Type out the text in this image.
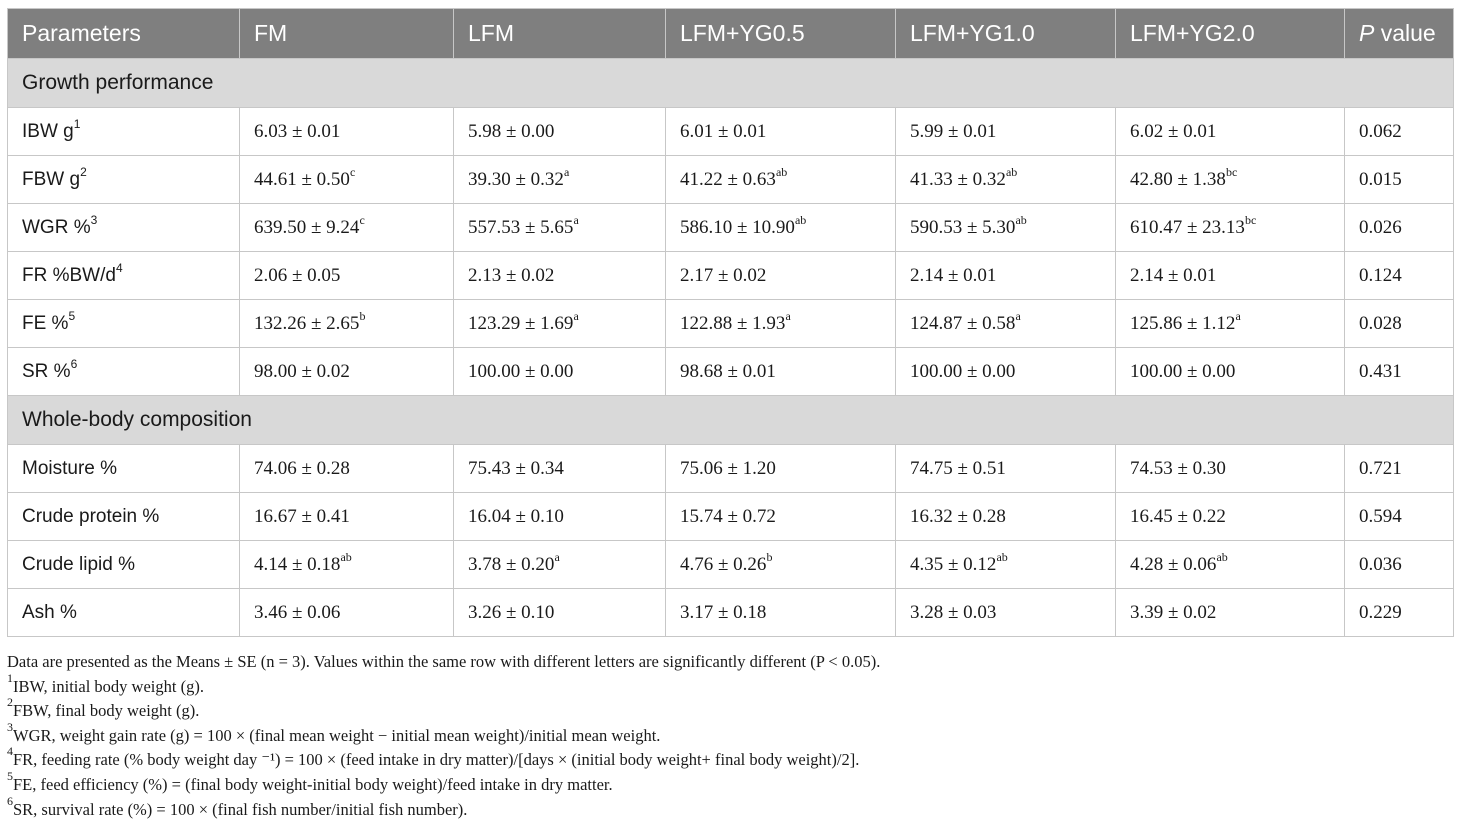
Parameters	FM	LFM	LFM+YG0.5	LFM+YG1.0	LFM+YG2.0	P value
Growth performance						
IBW $g^1$	6.03 ± 0.01	5.98 ± 0.00	6.01 ± 0.01	5.99 ± 0.01	6.02 ± 0.01	0.062
FBW $g^2$	44.61 ± 0.50$^c$	39.30 ± 0.32$^a$	41.22 ± 0.63$^{ab}$	41.33 ± 0.32$^{ab}$	42.80 ± 1.38$^{bc}$	0.015
WGR %$^3$	639.50 ± 9.24$^c$	557.53 ± 5.65$^a$	586.10 ± 10.90$^{ab}$	590.53 ± 5.30$^{ab}$	610.47 ± 23.13$^{bc}$	0.026
FR $\%BW/d^4$	2.06 ± 0.05	2.13 ± 0.02	2.17 ± 0.02	2.14 ± 0.01	2.14 ± 0.01	0.124
FE %$^5$	132.26 ± 2.65$^b$	123.29 ± 1.69$^a$	122.88 ± 1.93$^a$	124.87 ± 0.58$^a$	125.86 ± 1.12$^a$	0.028
SR %$^6$	98.00 ± 0.02	100.00 ± 0.00	98.68 ± 0.01	100.00 ± 0.00	100.00 ± 0.00	0.431
Whole-body composition						
Moisture %	74.06 ± 0.28	75.43 ± 0.34	75.06 ± 1.20	74.75 ± 0.51	74.53 ± 0.30	0.721
Crude protein %	16.67 ± 0.41	16.04 ± 0.10	15.74 ± 0.72	16.32 ± 0.28	16.45 ± 0.22	0.594
Crude lipid %	4.14 ± 0.18$^{ab}$	3.78 ± 0.20$^a$	4.76 ± 0.26$^b$	4.35 ± 0.12$^{ab}$	4.28 ± 0.06$^{ab}$	0.036
Ash %	3.46 ± 0.06	3.26 ± 0.10	3.17 ± 0.18	3.28 ± 0.03	3.39 ± 0.02	0.229

Data are presented as the Means ± SE (n = 3). Values within the same row with different letters are significantly different (P < 0.05).

$^1$IBW, initial body weight (g).

$^2$FBW, final body weight (g).

$^3$WGR, weight gain rate (g) = 100 × (final mean weight − initial mean weight)/initial mean weight.

$^4$FR, feeding rate (% body weight day ⁻¹) = 100 × (feed intake in dry matter)/[days × (initial body weight+ final body weight)/2].

$^5$FE, feed efficiency (%) = (final body weight-initial body weight)/feed intake in dry matter.

$^6$SR, survival rate (%) = 100 × (final fish number/initial fish number).
